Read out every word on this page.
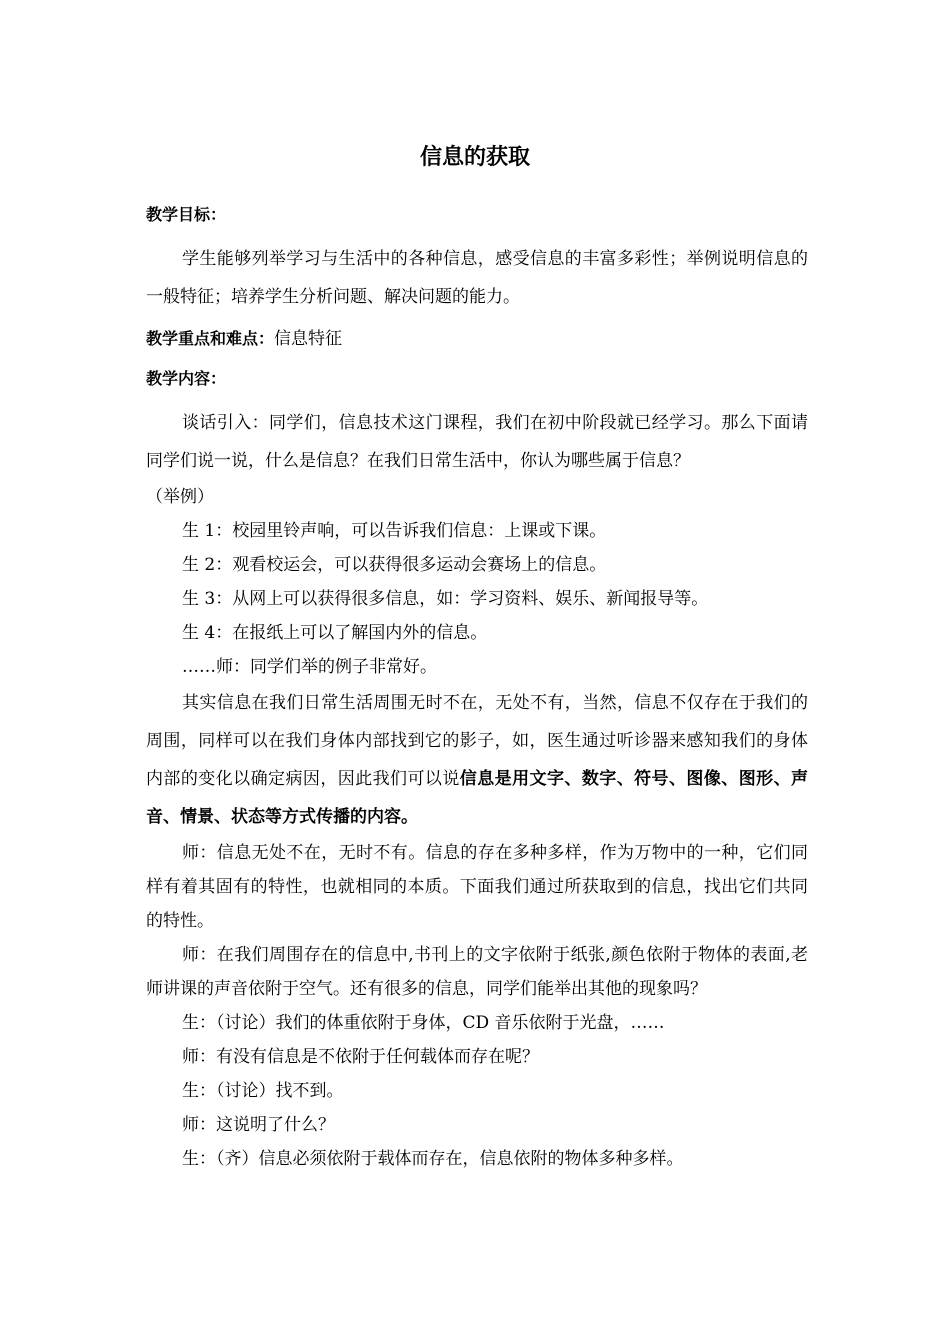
信息的获取

教学目标：

学生能够列举学习与生活中的各种信息，感受信息的丰富多彩性；举例说明信息的一般特征；培养学生分析问题、解决问题的能力。

教学重点和难点：信息特征

教学内容：

谈话引入：同学们，信息技术这门课程，我们在初中阶段就已经学习。那么下面请同学们说一说，什么是信息？在我们日常生活中，你认为哪些属于信息？

（举例）

生 1：校园里铃声响，可以告诉我们信息：上课或下课。

生 2：观看校运会，可以获得很多运动会赛场上的信息。

生 3：从网上可以获得很多信息，如：学习资料、娱乐、新闻报导等。

生 4：在报纸上可以了解国内外的信息。

……师：同学们举的例子非常好。

其实信息在我们日常生活周围无时不在，无处不有，当然，信息不仅存在于我们的周围，同样可以在我们身体内部找到它的影子，如，医生通过听诊器来感知我们的身体内部的变化以确定病因，因此我们可以说信息是用文字、数字、符号、图像、图形、声音、情景、状态等方式传播的内容。

师：信息无处不在，无时不有。信息的存在多种多样，作为万物中的一种，它们同样有着其固有的特性，也就相同的本质。下面我们通过所获取到的信息，找出它们共同的特性。

师：在我们周围存在的信息中,书刊上的文字依附于纸张,颜色依附于物体的表面,老师讲课的声音依附于空气。还有很多的信息，同学们能举出其他的现象吗？

生：（讨论）我们的体重依附于身体，CD 音乐依附于光盘，……

师：有没有信息是不依附于任何载体而存在呢？

生：（讨论）找不到。

师：这说明了什么？

生：（齐）信息必须依附于载体而存在，信息依附的物体多种多样。
